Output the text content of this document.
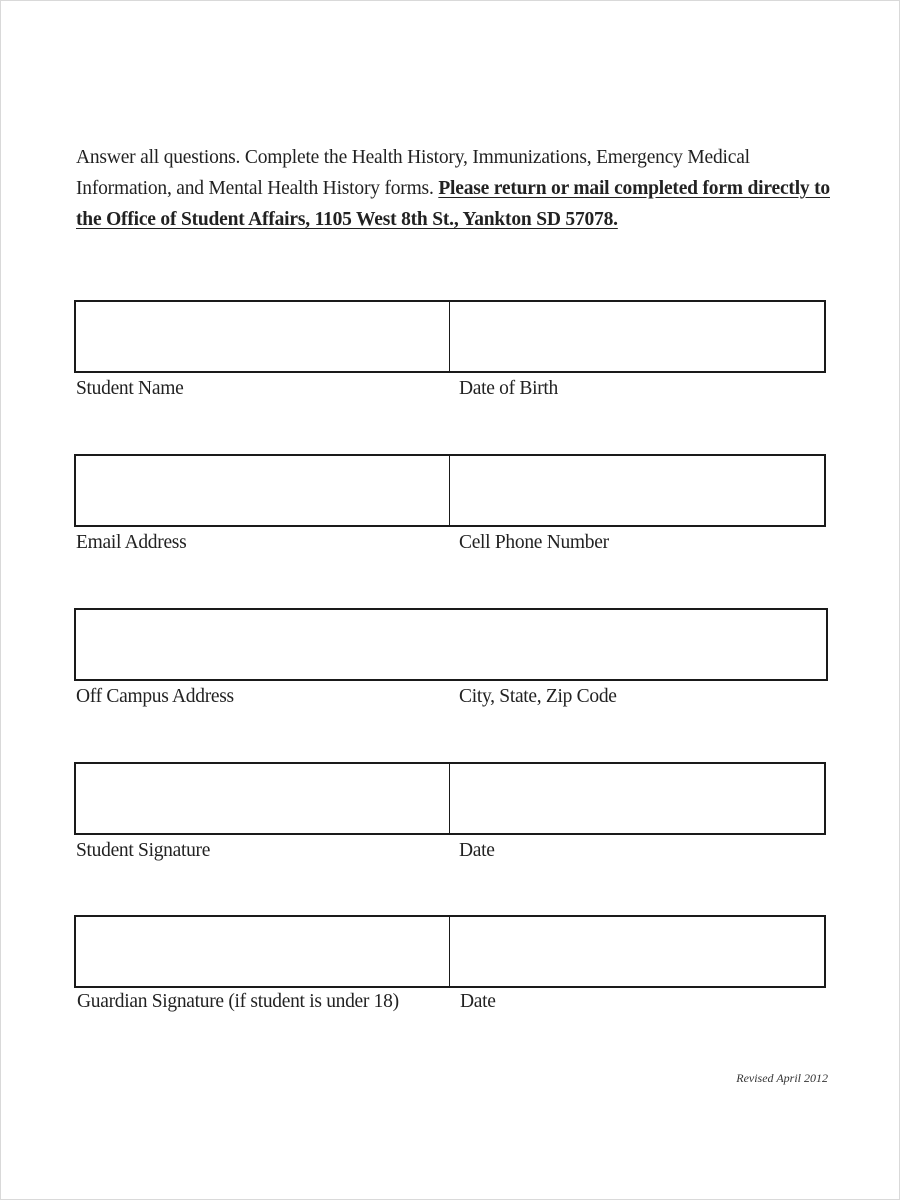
Answer all questions. Complete the Health History, Immunizations, Emergency Medical Information, and Mental Health History forms. Please return or mail completed form directly to the Office of Student Affairs, 1105 West 8th St., Yankton SD 57078.
Student Name	Date of Birth
Email Address	Cell Phone Number
Off Campus Address	City, State, Zip Code
Student Signature	Date
Guardian Signature (if student is under 18)	Date
Revised April 2012
